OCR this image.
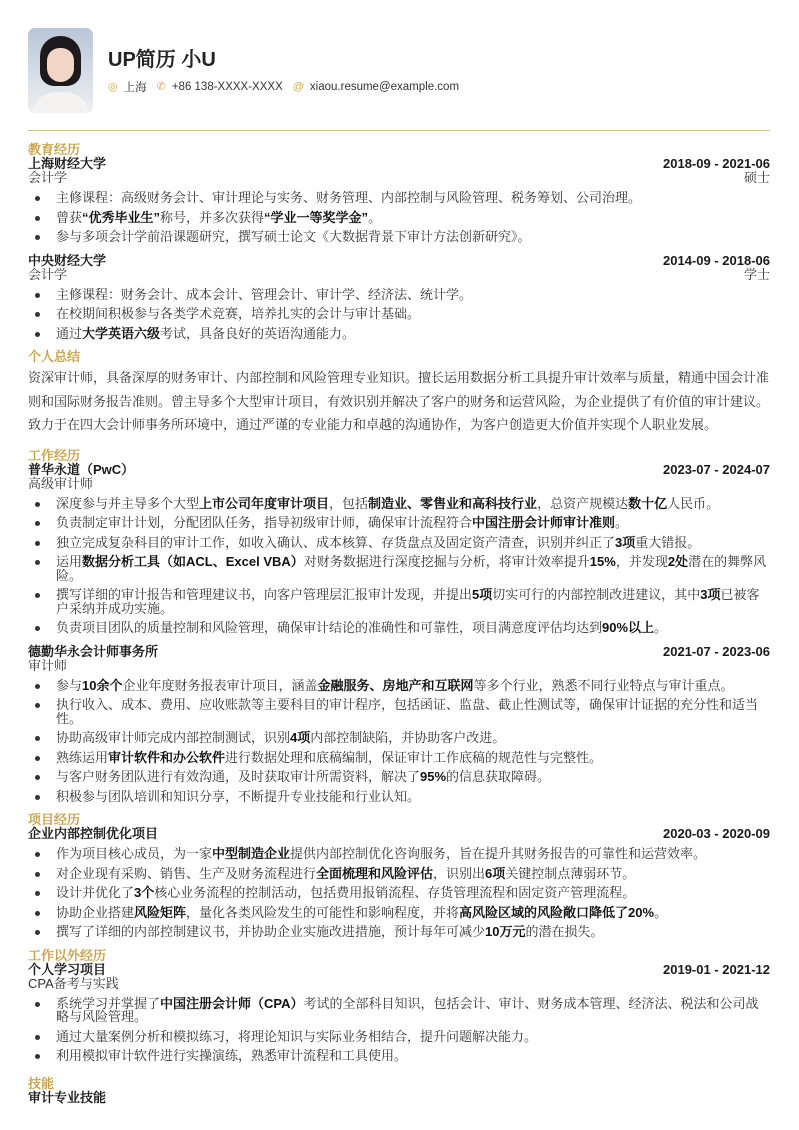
UP简历 小U
◎ 上海 ✆ +86 138-XXXX-XXXX @ xiaou.resume@example.com
教育经历
上海财经大学	2018-09 - 2021-06
会计学	硕士
主修课程：高级财务会计、审计理论与实务、财务管理、内部控制与风险管理、税务筹划、公司治理。
曾获“优秀毕业生”称号，并多次获得“学业一等奖学金”。
参与多项会计学前沿课题研究，撰写硕士论文《大数据背景下审计方法创新研究》。
中央财经大学	2014-09 - 2018-06
会计学	学士
主修课程：财务会计、成本会计、管理会计、审计学、经济法、统计学。
在校期间积极参与各类学术竞赛，培养扎实的会计与审计基础。
通过大学英语六级考试，具备良好的英语沟通能力。
个人总结
资深审计师，具备深厚的财务审计、内部控制和风险管理专业知识。擅长运用数据分析工具提升审计效率与质量，精通中国会计准则和国际财务报告准则。曾主导多个大型审计项目，有效识别并解决了客户的财务和运营风险，为企业提供了有价值的审计建议。致力于在四大会计师事务所环境中，通过严谨的专业能力和卓越的沟通协作，为客户创造更大价值并实现个人职业发展。
工作经历
普华永道（PwC）	2023-07 - 2024-07
高级审计师
深度参与并主导多个大型上市公司年度审计项目，包括制造业、零售业和高科技行业，总资产规模达数十亿人民币。
负责制定审计计划，分配团队任务，指导初级审计师，确保审计流程符合中国注册会计师审计准则。
独立完成复杂科目的审计工作，如收入确认、成本核算、存货盘点及固定资产清查，识别并纠正了3项重大错报。
运用数据分析工具（如ACL、Excel VBA）对财务数据进行深度挖掘与分析，将审计效率提升15%，并发现2处潜在的舞弊风险。
撰写详细的审计报告和管理建议书，向客户管理层汇报审计发现，并提出5项切实可行的内部控制改进建议，其中3项已被客户采纳并成功实施。
负责项目团队的质量控制和风险管理，确保审计结论的准确性和可靠性，项目满意度评估均达到90%以上。
德勤华永会计师事务所	2021-07 - 2023-06
审计师
参与10余个企业年度财务报表审计项目，涵盖金融服务、房地产和互联网等多个行业，熟悉不同行业特点与审计重点。
执行收入、成本、费用、应收账款等主要科目的审计程序，包括函证、监盘、截止性测试等，确保审计证据的充分性和适当性。
协助高级审计师完成内部控制测试，识别4项内部控制缺陷，并协助客户改进。
熟练运用审计软件和办公软件进行数据处理和底稿编制，保证审计工作底稿的规范性与完整性。
与客户财务团队进行有效沟通，及时获取审计所需资料，解决了95%的信息获取障碍。
积极参与团队培训和知识分享，不断提升专业技能和行业认知。
项目经历
企业内部控制优化项目	2020-03 - 2020-09
作为项目核心成员，为一家中型制造企业提供内部控制优化咨询服务，旨在提升其财务报告的可靠性和运营效率。
对企业现有采购、销售、生产及财务流程进行全面梳理和风险评估，识别出6项关键控制点薄弱环节。
设计并优化了3个核心业务流程的控制活动，包括费用报销流程、存货管理流程和固定资产管理流程。
协助企业搭建风险矩阵，量化各类风险发生的可能性和影响程度，并将高风险区域的风险敞口降低了20%。
撰写了详细的内部控制建议书，并协助企业实施改进措施，预计每年可减少10万元的潜在损失。
工作以外经历
个人学习项目	2019-01 - 2021-12
CPA备考与实践
系统学习并掌握了中国注册会计师（CPA）考试的全部科目知识，包括会计、审计、财务成本管理、经济法、税法和公司战略与风险管理。
通过大量案例分析和模拟练习，将理论知识与实际业务相结合，提升问题解决能力。
利用模拟审计软件进行实操演练，熟悉审计流程和工具使用。
技能
审计专业技能
